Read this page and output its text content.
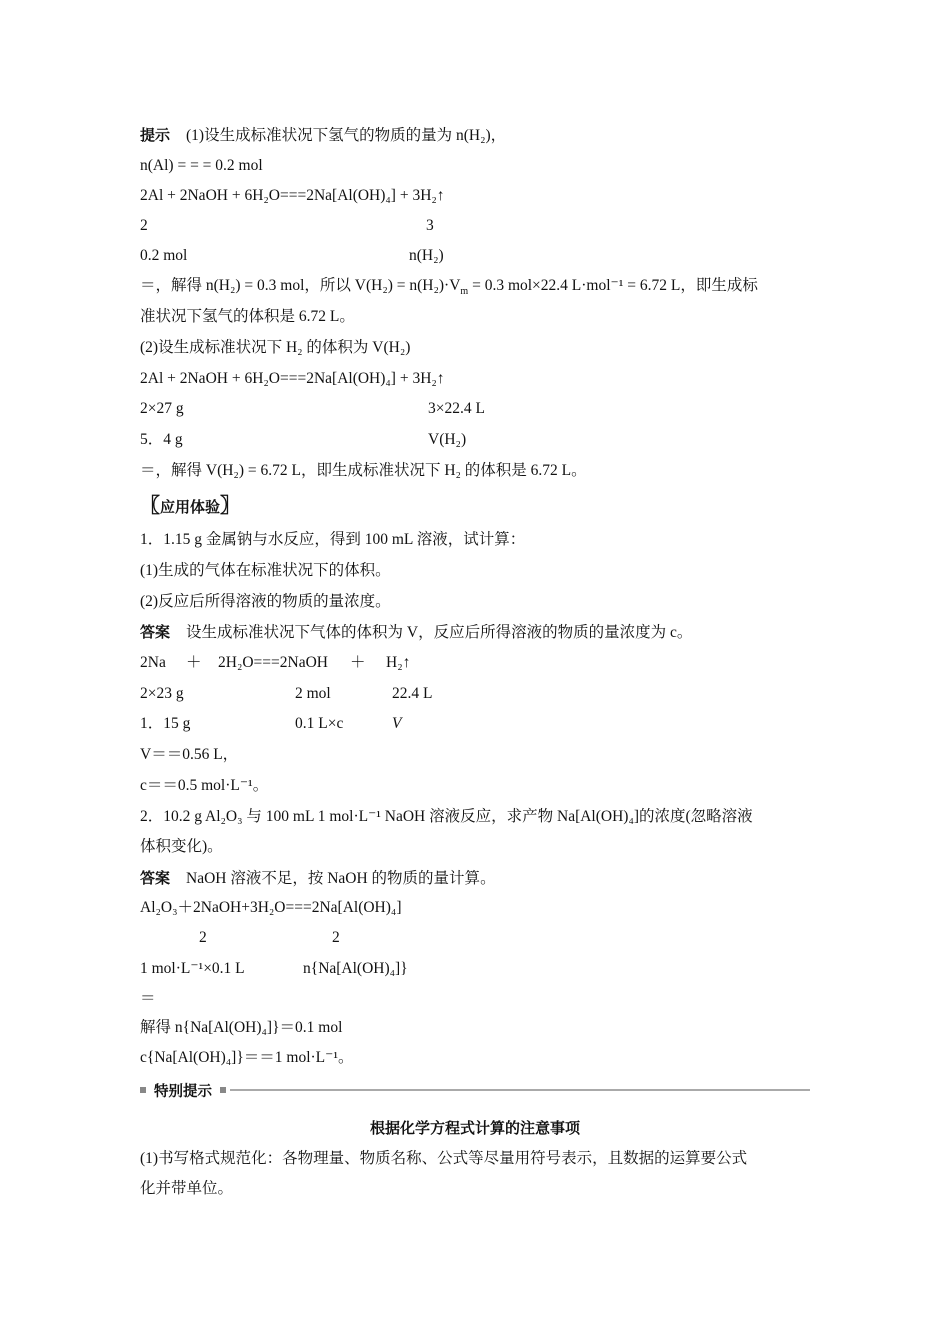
提示 (1)设生成标准状况下氢气的物质的量为 n(H₂)，
n(Al) = = = 0.2 mol
2Al + 2NaOH + 6H₂O===2Na[Al(OH)₄] + 3H₂↑
2	3
0.2 mol	n(H₂)
＝，解得 n(H₂) = 0.3 mol，所以 $V(H_2) = n(H_2)\cdot V_m = 0.3$ mol×22.4 L·mol⁻¹ = 6.72 L，即生成标
准状况下氢气的体积是 6.72 L。
(2)设生成标准状况下 H₂ 的体积为 V(H₂)
2Al + 2NaOH + 6H₂O===2Na[Al(OH)₄] + 3H₂↑
2×27 g	3×22.4 L
5．4 g	V(H₂)
＝，解得 V(H₂) = 6.72 L，即生成标准状况下 H₂ 的体积是 6.72 L。
〖应用体验〗
1．1.15 g 金属钠与水反应，得到 100 mL 溶液，试计算：
(1)生成的气体在标准状况下的体积。
(2)反应后所得溶液的物质的量浓度。
答案 设生成标准状况下气体的体积为 V，反应后所得溶液的物质的量浓度为 c。
2Na ＋ 2H₂O===2NaOH ＋ H₂↑
2×23 g	2 mol	22.4 L
1．15 g	0.1 L×c	V
V＝＝0.56 L，
c＝＝0.5 mol·L⁻¹。
2．10.2 g Al₂O₃ 与 100 mL 1 mol·L⁻¹ NaOH 溶液反应，求产物 Na[Al(OH)₄]的浓度(忽略溶液
体积变化)。
答案 NaOH 溶液不足，按 NaOH 的物质的量计算。
Al₂O₃＋2NaOH+3H₂O===2Na[Al(OH)₄]
2	2
1 mol·L⁻¹×0.1 L	n{Na[Al(OH)₄]}
＝
解得 n{Na[Al(OH)₄]}＝0.1 mol
c{Na[Al(OH)₄]}＝＝1 mol·L⁻¹。
特别提示
根据化学方程式计算的注意事项
(1)书写格式规范化：各物理量、物质名称、公式等尽量用符号表示，且数据的运算要公式
化并带单位。
